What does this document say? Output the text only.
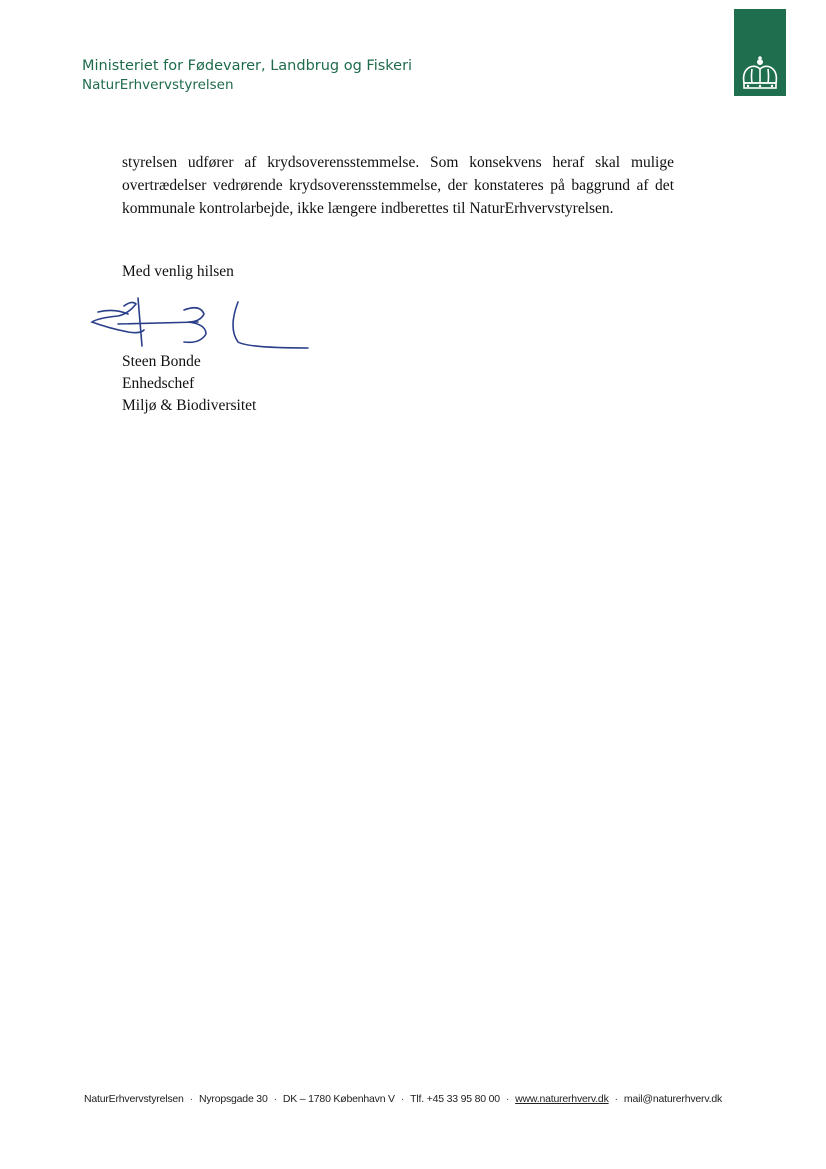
Ministeriet for Fødevarer, Landbrug og Fiskeri
NaturErhvervstyrelsen
styrelsen udfører af krydsoverensstemmelse. Som konsekvens heraf skal mulige overtrædelser vedrørende krydsoverensstemmelse, der konstateres på baggrund af det kommunale kontrolarbejde, ikke længere indberettes til NaturErhvervstyrelsen.
Med venlig hilsen
Steen Bonde
Enhedschef
Miljø & Biodiversitet
NaturErhvervstyrelsen · Nyropsgade 30 · DK – 1780 København V · Tlf. +45 33 95 80 00 · www.naturerhverv.dk · mail@naturerhverv.dk
